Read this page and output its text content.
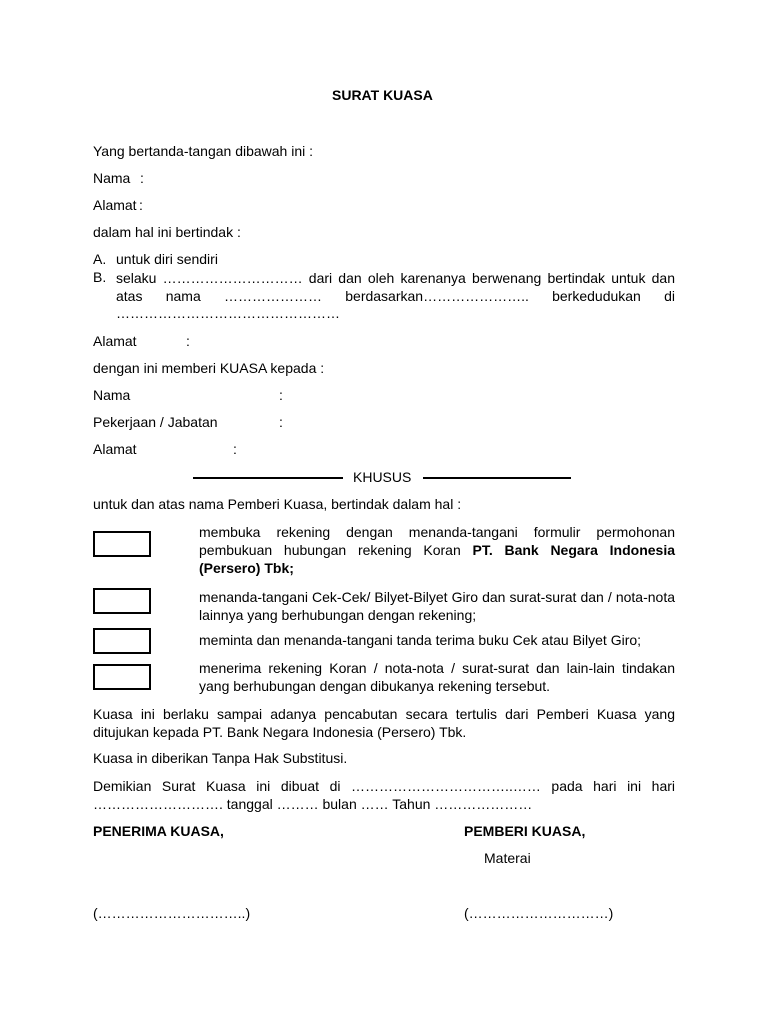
SURAT KUASA
Yang bertanda-tangan dibawah ini :
Nama :
Alamat :
dalam hal ini bertindak :
A. untuk diri sendiri
B. selaku ………………………… dari dan oleh karenanya berwenang bertindak untuk dan
atas nama ………………… berdasarkan………………….. berkedudukan di
…………………………………………
Alamat	:
dengan ini memberi KUASA kepada :
Nama	:
Pekerjaan / Jabatan	:
Alamat	:
KHUSUS
untuk dan atas nama Pemberi Kuasa, bertindak dalam hal :
membuka rekening dengan menanda-tangani formulir permohonan
pembukuan hubungan rekening Koran PT. Bank Negara Indonesia
(Persero) Tbk;
menanda-tangani Cek-Cek/ Bilyet-Bilyet Giro dan surat-surat dan / nota-nota
lainnya yang berhubungan dengan rekening;
meminta dan menanda-tangani tanda terima buku Cek atau Bilyet Giro;
menerima rekening Koran / nota-nota / surat-surat dan lain-lain tindakan
yang berhubungan dengan dibukanya rekening tersebut.
Kuasa ini berlaku sampai adanya pencabutan secara tertulis dari Pemberi Kuasa yang
ditujukan kepada PT. Bank Negara Indonesia (Persero) Tbk.
Kuasa in diberikan Tanpa Hak Substitusi.
Demikian Surat Kuasa ini dibuat di ……………………………..…… pada hari ini hari
………………………. tanggal ……… bulan …… Tahun …………………
PENERIMA KUASA,	PEMBERI KUASA,
Materai
(…………………………..)	(…………………………)
